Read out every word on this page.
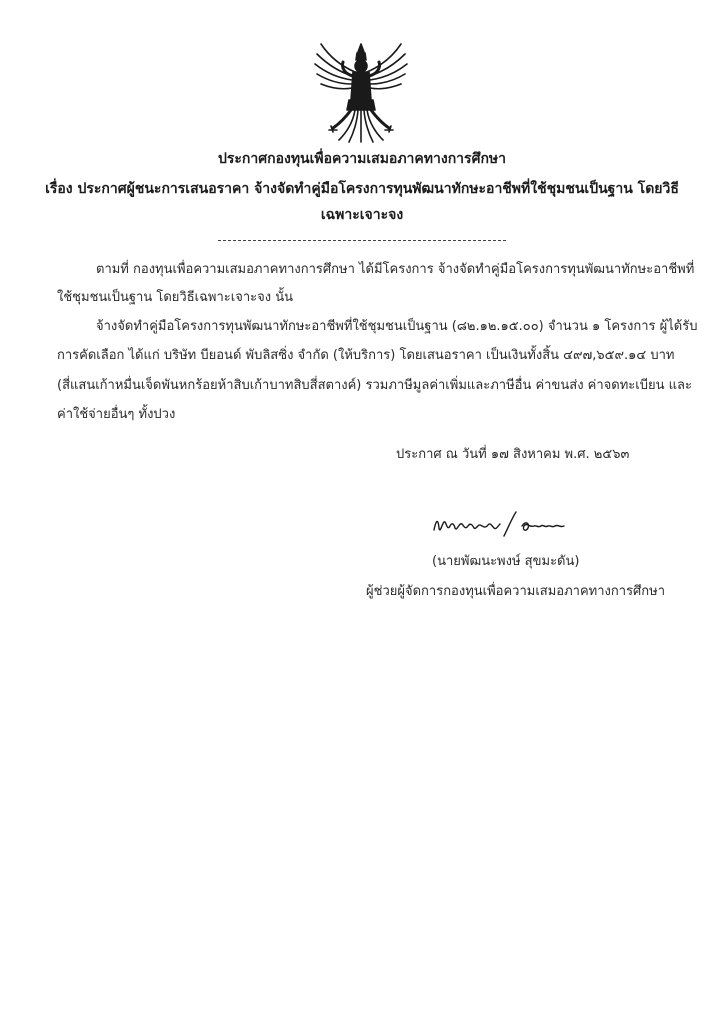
ประกาศกองทุนเพื่อความเสมอภาคทางการศึกษา
เรื่อง ประกาศผู้ชนะการเสนอราคา จ้างจัดทำคู่มือโครงการทุนพัฒนาทักษะอาชีพที่ใช้ชุมชนเป็นฐาน โดยวิธี
เฉพาะเจาะจง
ตามที่ กองทุนเพื่อความเสมอภาคทางการศึกษา ได้มีโครงการ จ้างจัดทำคู่มือโครงการทุนพัฒนาทักษะอาชีพที่
ใช้ชุมชนเป็นฐาน โดยวิธีเฉพาะเจาะจง นั้น
จ้างจัดทำคู่มือโครงการทุนพัฒนาทักษะอาชีพที่ใช้ชุมชนเป็นฐาน (๘๒.๑๒.๑๕.๐๐) จำนวน ๑ โครงการ ผู้ได้รับ
การคัดเลือก ได้แก่ บริษัท บียอนด์ พับลิสซิ่ง จำกัด (ให้บริการ) โดยเสนอราคา เป็นเงินทั้งสิ้น ๔๙๗,๖๕๙.๑๔ บาท
(สี่แสนเก้าหมื่นเจ็ดพันหกร้อยห้าสิบเก้าบาทสิบสี่สตางค์) รวมภาษีมูลค่าเพิ่มและภาษีอื่น ค่าขนส่ง ค่าจดทะเบียน และ
ค่าใช้จ่ายอื่นๆ ทั้งปวง
ประกาศ ณ วันที่ ๑๗ สิงหาคม พ.ศ. ๒๕๖๓
(นายพัฒนะพงษ์ สุขมะดัน)
ผู้ช่วยผู้จัดการกองทุนเพื่อความเสมอภาคทางการศึกษา
